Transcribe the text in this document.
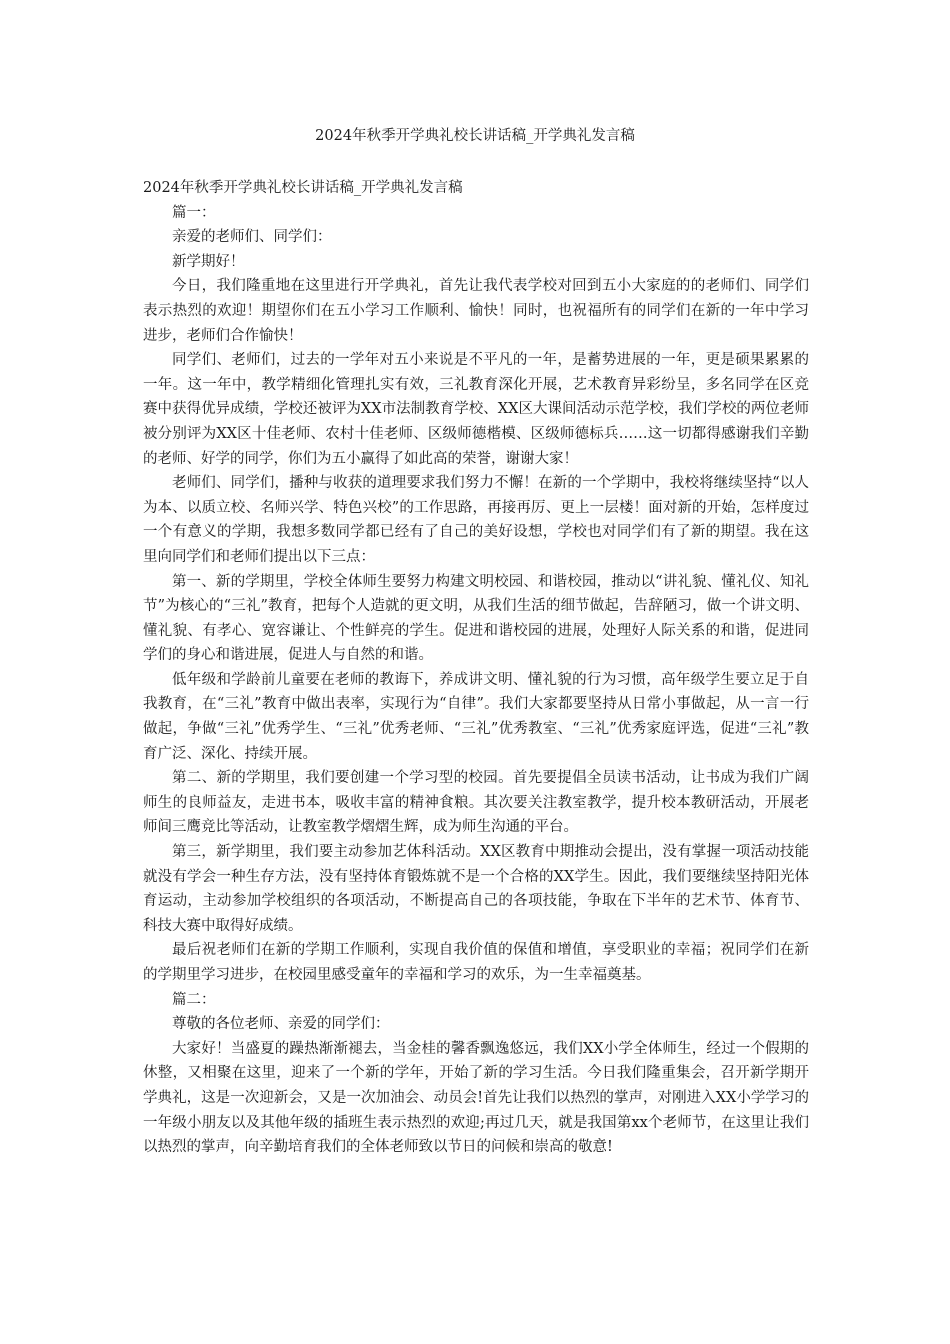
2024年秋季开学典礼校长讲话稿_开学典礼发言稿

2024年秋季开学典礼校长讲话稿_开学典礼发言稿

篇一：

亲爱的老师们、同学们：

新学期好！

今日，我们隆重地在这里进行开学典礼，首先让我代表学校对回到五小大家庭的的老师们、同学们表示热烈的欢迎！期望你们在五小学习工作顺利、愉快！同时，也祝福所有的同学们在新的一年中学习进步，老师们合作愉快！

同学们、老师们，过去的一学年对五小来说是不平凡的一年，是蓄势进展的一年，更是硕果累累的一年。这一年中，教学精细化管理扎实有效，三礼教育深化开展，艺术教育异彩纷呈，多名同学在区竞赛中获得优异成绩，学校还被评为XX市法制教育学校、XX区大课间活动示范学校，我们学校的两位老师被分别评为XX区十佳老师、农村十佳老师、区级师德楷模、区级师德标兵……这一切都得感谢我们辛勤的老师、好学的同学，你们为五小赢得了如此高的荣誉，谢谢大家！

老师们、同学们，播种与收获的道理要求我们努力不懈！在新的一个学期中，我校将继续坚持“以人为本、以质立校、名师兴学、特色兴校”的工作思路，再接再厉、更上一层楼！面对新的开始，怎样度过一个有意义的学期，我想多数同学都已经有了自己的美好设想，学校也对同学们有了新的期望。我在这里向同学们和老师们提出以下三点：

第一、新的学期里，学校全体师生要努力构建文明校园、和谐校园，推动以“讲礼貌、懂礼仪、知礼节”为核心的“三礼”教育，把每个人造就的更文明，从我们生活的细节做起，告辞陋习，做一个讲文明、懂礼貌、有孝心、宽容谦让、个性鲜亮的学生。促进和谐校园的进展，处理好人际关系的和谐，促进同学们的身心和谐进展，促进人与自然的和谐。

低年级和学龄前儿童要在老师的教诲下，养成讲文明、懂礼貌的行为习惯，高年级学生要立足于自我教育，在“三礼”教育中做出表率，实现行为“自律”。我们大家都要坚持从日常小事做起，从一言一行做起，争做“三礼”优秀学生、“三礼”优秀老师、“三礼”优秀教室、“三礼”优秀家庭评选，促进“三礼”教育广泛、深化、持续开展。

第二、新的学期里，我们要创建一个学习型的校园。首先要提倡全员读书活动，让书成为我们广阔师生的良师益友，走进书本，吸收丰富的精神食粮。其次要关注教室教学，提升校本教研活动，开展老师间三鹰竞比等活动，让教室教学熠熠生辉，成为师生沟通的平台。

第三，新学期里，我们要主动参加艺体科活动。XX区教育中期推动会提出，没有掌握一项活动技能就没有学会一种生存方法，没有坚持体育锻炼就不是一个合格的XX学生。因此，我们要继续坚持阳光体育运动，主动参加学校组织的各项活动，不断提高自己的各项技能，争取在下半年的艺术节、体育节、科技大赛中取得好成绩。

最后祝老师们在新的学期工作顺利，实现自我价值的保值和增值，享受职业的幸福；祝同学们在新的学期里学习进步，在校园里感受童年的幸福和学习的欢乐，为一生幸福奠基。

篇二：

尊敬的各位老师、亲爱的同学们：

大家好！当盛夏的躁热渐渐褪去，当金桂的馨香飘逸悠远，我们XX小学全体师生，经过一个假期的休整，又相聚在这里，迎来了一个新的学年，开始了新的学习生活。今日我们隆重集会，召开新学期开学典礼，这是一次迎新会，又是一次加油会、动员会!首先让我们以热烈的掌声，对刚进入XX小学学习的一年级小朋友以及其他年级的插班生表示热烈的欢迎;再过几天，就是我国第xx个老师节，在这里让我们以热烈的掌声，向辛勤培育我们的全体老师致以节日的问候和崇高的敬意!
